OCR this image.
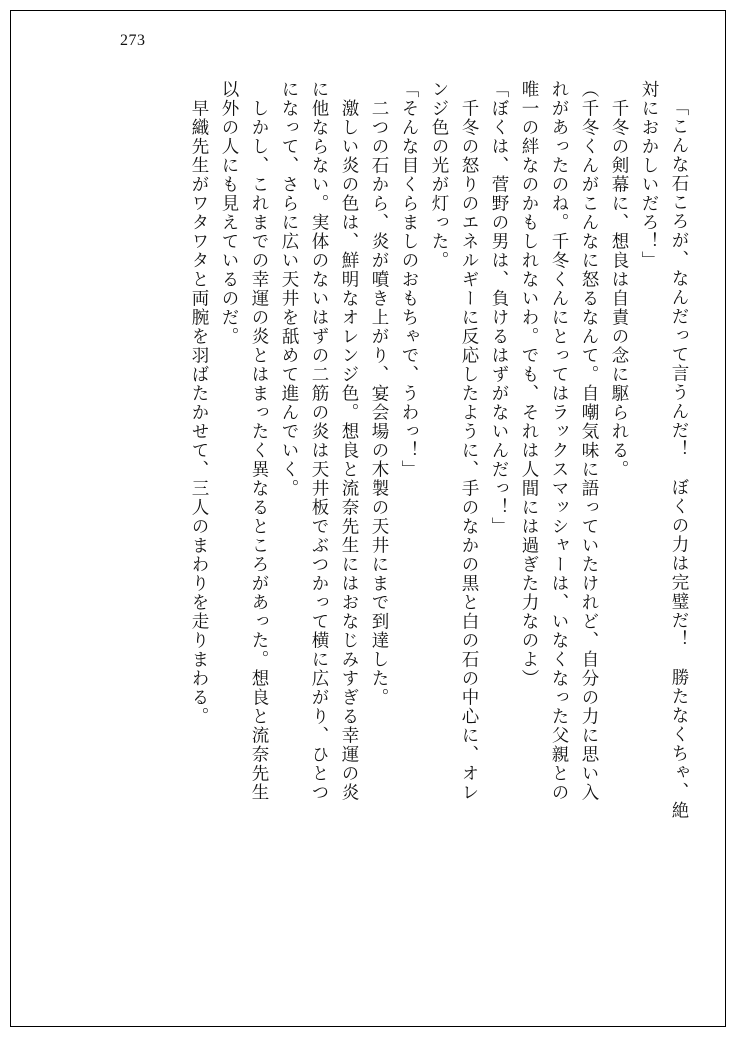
273
「こんな石ころが、なんだって言うんだ！　ぼくの力は完璧だ！　勝たなくちゃ、絶
対におかしいだろ！」
　千冬の剣幕に、想良は自責の念に駆られる。
（千冬くんがこんなに怒るなんて。自嘲気味に語っていたけれど、自分の力に思い入
れがあったのね。千冬くんにとってはラックスマッシャーは、いなくなった父親との
唯一の絆なのかもしれないわ。でも、それは人間には過ぎた力なのよ）
「ぼくは、菅野の男は、負けるはずがないんだっ！」
　千冬の怒りのエネルギーに反応したように、手のなかの黒と白の石の中心に、オレ
ンジ色の光が灯った。
「そんな目くらましのおもちゃで、うわっ！」
　二つの石から、炎が噴き上がり、宴会場の木製の天井にまで到達した。
　激しい炎の色は、鮮明なオレンジ色。想良と流奈先生にはおなじみすぎる幸運の炎
に他ならない。実体のないはずの二筋の炎は天井板でぶつかって横に広がり、ひとつ
になって、さらに広い天井を舐めて進んでいく。
　しかし、これまでの幸運の炎とはまったく異なるところがあった。想良と流奈先生
以外の人にも見えているのだ。
　早織先生がワタワタと両腕を羽ばたかせて、三人のまわりを走りまわる。
